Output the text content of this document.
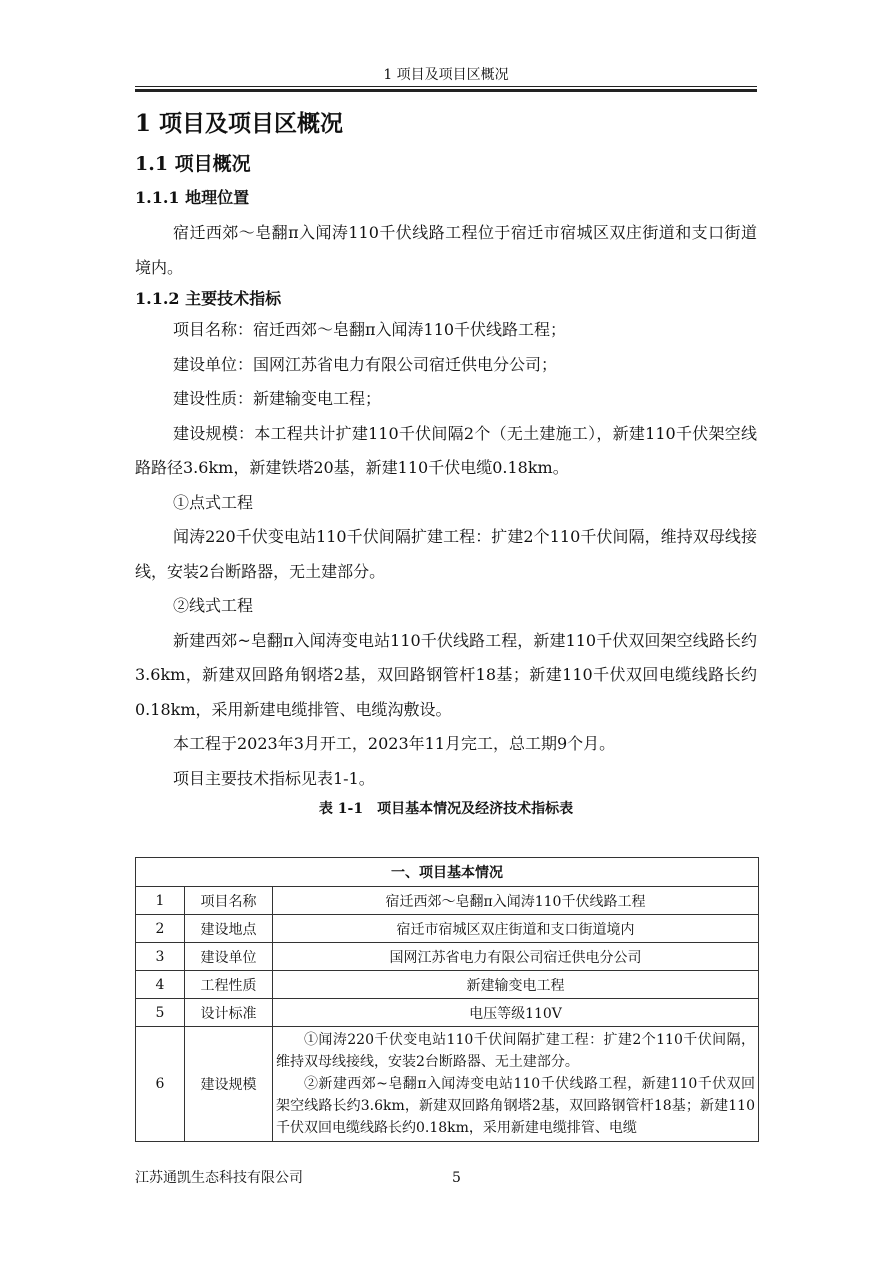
1 项目及项目区概况
1 项目及项目区概况
1.1 项目概况
1.1.1 地理位置

宿迁西郊～皂翻π入闻涛110千伏线路工程位于宿迁市宿城区双庄街道和支口街道境内。

1.1.2 主要技术指标

项目名称：宿迁西郊～皂翻π入闻涛110千伏线路工程；

建设单位：国网江苏省电力有限公司宿迁供电分公司；

建设性质：新建输变电工程；

建设规模：本工程共计扩建110千伏间隔2个（无土建施工），新建110千伏架空线路路径3.6km，新建铁塔20基，新建110千伏电缆0.18km。

①点式工程

闻涛220千伏变电站110千伏间隔扩建工程：扩建2个110千伏间隔，维持双母线接线，安装2台断路器，无土建部分。

②线式工程

新建西郊~皂翻π入闻涛变电站110千伏线路工程，新建110千伏双回架空线路长约3.6km，新建双回路角钢塔2基，双回路钢管杆18基；新建110千伏双回电缆线路长约0.18km，采用新建电缆排管、电缆沟敷设。

本工程于2023年3月开工，2023年11月完工，总工期9个月。

项目主要技术指标见表1-1。

表 1-1 项目基本情况及经济技术指标表
一、项目基本情况		
1	项目名称	宿迁西郊～皂翻π入闻涛110千伏线路工程
2	建设地点	宿迁市宿城区双庄街道和支口街道境内
3	建设单位	国网江苏省电力有限公司宿迁供电分公司
4	工程性质	新建输变电工程
5	设计标准	电压等级110V
6	建设规模	①闻涛220千伏变电站110千伏间隔扩建工程：扩建2个110千伏间隔，维持双母线接线，安装2台断路器、无土建部分。

②新建西郊~皂翻π入闻涛变电站110千伏线路工程，新建110千伏双回架空线路长约3.6km，新建双回路角钢塔2基，双回路钢管杆18基；新建110千伏双回电缆线路长约0.18km，采用新建电缆排管、电缆

江苏通凯生态科技有限公司	5
